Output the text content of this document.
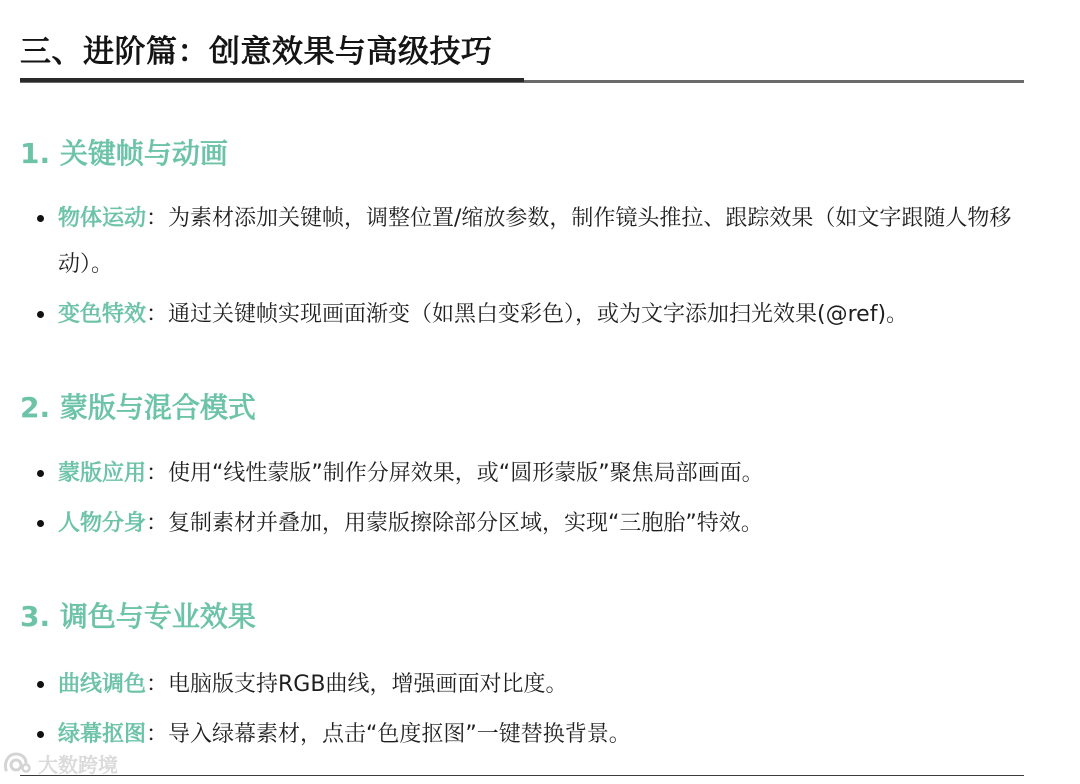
三、进阶篇：创意效果与高级技巧
1. 关键帧与动画
物体运动：为素材添加关键帧，调整位置/缩放参数，制作镜头推拉、跟踪效果（如文字跟随人物移动）。
变色特效：通过关键帧实现画面渐变（如黑白变彩色），或为文字添加扫光效果(@ref)。
2. 蒙版与混合模式
蒙版应用：使用“线性蒙版”制作分屏效果，或“圆形蒙版”聚焦局部画面。
人物分身：复制素材并叠加，用蒙版擦除部分区域，实现“三胞胎”特效。
3. 调色与专业效果
曲线调色：电脑版支持RGB曲线，增强画面对比度。
绿幕抠图：导入绿幕素材，点击“色度抠图”一键替换背景。
大数跨境
